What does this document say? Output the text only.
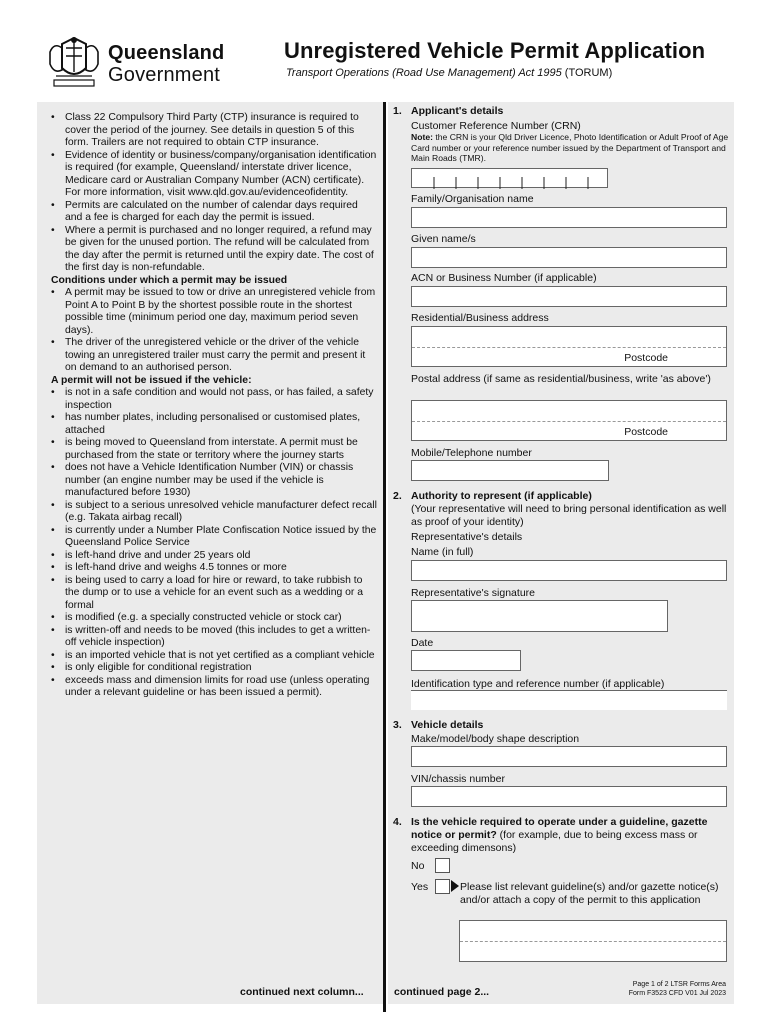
Queensland
Government
Unregistered Vehicle Permit Application
Transport Operations (Road Use Management) Act 1995 (TORUM)

• Class 22 Compulsory Third Party (CTP) insurance is required to cover the period of the journey. See details in question 5 of this form. Trailers are not required to obtain CTP insurance.

• Evidence of identity or business/company/organisation identification is required (for example, Queensland/ interstate driver licence, Medicare card or Australian Company Number (ACN) certificate). For more information, visit www.qld.gov.au/evidenceofidentity.

• Permits are calculated on the number of calendar days required and a fee is charged for each day the permit is issued.

• Where a permit is purchased and no longer required, a refund may be given for the unused portion. The refund will be calculated from the day after the permit is returned until the expiry date. The cost of the first day is non-refundable.

Conditions under which a permit may be issued

• A permit may be issued to tow or drive an unregistered vehicle from Point A to Point B by the shortest possible route in the shortest possible time (minimum period one day, maximum period seven days).

• The driver of the unregistered vehicle or the driver of the vehicle towing an unregistered trailer must carry the permit and present it on demand to an authorised person.

A permit will not be issued if the vehicle:

• is not in a safe condition and would not pass, or has failed, a safety inspection

• has number plates, including personalised or customised plates, attached

• is being moved to Queensland from interstate. A permit must be purchased from the state or territory where the journey starts

• does not have a Vehicle Identification Number (VIN) or chassis number (an engine number may be used if the vehicle is manufactured before 1930)

• is subject to a serious unresolved vehicle manufacturer defect recall (e.g. Takata airbag recall)

• is currently under a Number Plate Confiscation Notice issued by the Queensland Police Service

• is left-hand drive and under 25 years old

• is left-hand drive and weighs 4.5 tonnes or more

• is being used to carry a load for hire or reward, to take rubbish to the dump or to use a vehicle for an event such as a wedding or a formal

• is modified (e.g. a specially constructed vehicle or stock car)

• is written-off and needs to be moved (this includes to get a written-off vehicle inspection)

• is an imported vehicle that is not yet certified as a compliant vehicle

• is only eligible for conditional registration

• exceeds mass and dimension limits for road use (unless operating under a relevant guideline or has been issued a permit).

continued next column...
1. Applicant's details
Customer Reference Number (CRN)
Note: the CRN is your Qld Driver Licence, Photo Identification or Adult Proof of Age Card number or your reference number issued by the Department of Transport and Main Roads (TMR).
Family/Organisation name
Given name/s
ACN or Business Number (if applicable)
Residential/Business address
Postcode
Postal address (if same as residential/business, write 'as above')
Postcode
Mobile/Telephone number
2. Authority to represent (if applicable)
(Your representative will need to bring personal identification as well as proof of your identity)
Representative's details
Name (in full)
Representative's signature
Date
Identification type and reference number (if applicable)
3. Vehicle details
Make/model/body shape description
VIN/chassis number
4. Is the vehicle required to operate under a guideline, gazette notice or permit? (for example, due to being excess mass or exceeding dimensons)
No
Yes	Please list relevant guideline(s) and/or gazette notice(s) and/or attach a copy of the permit to this application
continued page 2...
Page 1 of 2 LTSR Forms Area
Form F3523 CFD V01 Jul 2023
